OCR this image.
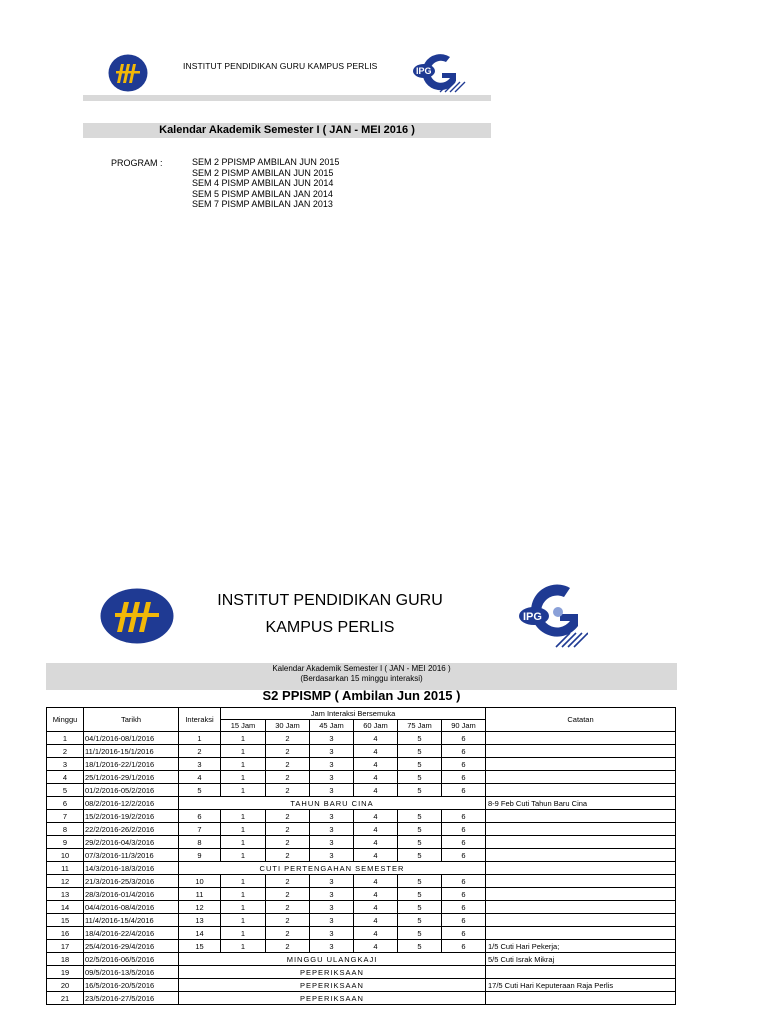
INSTITUT PENDIDIKAN GURU KAMPUS PERLIS	IPG
Kalendar Akademik Semester I ( JAN - MEI 2016 )
PROGRAM :	SEM 2 PPISMP AMBILAN JUN 2015
SEM 2 PISMP AMBILAN JUN 2015
SEM 4 PISMP AMBILAN JUN 2014
SEM 5 PISMP AMBILAN JAN 2014
SEM 7 PISMP AMBILAN JAN 2013
INSTITUT PENDIDIKAN GURU
KAMPUS PERLIS
IPG
Kalendar Akademik Semester I ( JAN - MEI 2016 )
(Berdasarkan 15 minggu interaksi)
S2 PPISMP ( Ambilan Jun 2015 )
Minggu	Tarikh	Interaksi	Jam Interaksi Bersemuka						Catatan
			15 Jam	30 Jam	45 Jam	60 Jam	75 Jam	90 Jam	
1	04/1/2016-08/1/2016	1	1	2	3	4	5	6	
2	11/1/2016-15/1/2016	2	1	2	3	4	5	6	
3	18/1/2016-22/1/2016	3	1	2	3	4	5	6	
4	25/1/2016-29/1/2016	4	1	2	3	4	5	6	
5	01/2/2016-05/2/2016	5	1	2	3	4	5	6	
6	08/2/2016-12/2/2016	TAHUN BARU CINA							8-9 Feb Cuti Tahun Baru Cina
7	15/2/2016-19/2/2016	6	1	2	3	4	5	6	
8	22/2/2016-26/2/2016	7	1	2	3	4	5	6	
9	29/2/2016-04/3/2016	8	1	2	3	4	5	6	
10	07/3/2016-11/3/2016	9	1	2	3	4	5	6	
11	14/3/2016-18/3/2016	CUTI PERTENGAHAN SEMESTER							
12	21/3/2016-25/3/2016	10	1	2	3	4	5	6	
13	28/3/2016-01/4/2016	11	1	2	3	4	5	6	
14	04/4/2016-08/4/2016	12	1	2	3	4	5	6	
15	11/4/2016-15/4/2016	13	1	2	3	4	5	6	
16	18/4/2016-22/4/2016	14	1	2	3	4	5	6	
17	25/4/2016-29/4/2016	15	1	2	3	4	5	6	1/5 Cuti Hari Pekerja;
18	02/5/2016-06/5/2016	MINGGU ULANGKAJI							5/5 Cuti Israk Mikraj
19	09/5/2016-13/5/2016	PEPERIKSAAN							
20	16/5/2016-20/5/2016	PEPERIKSAAN							17/5 Cuti Hari Keputeraan Raja Perlis
21	23/5/2016-27/5/2016	PEPERIKSAAN							
